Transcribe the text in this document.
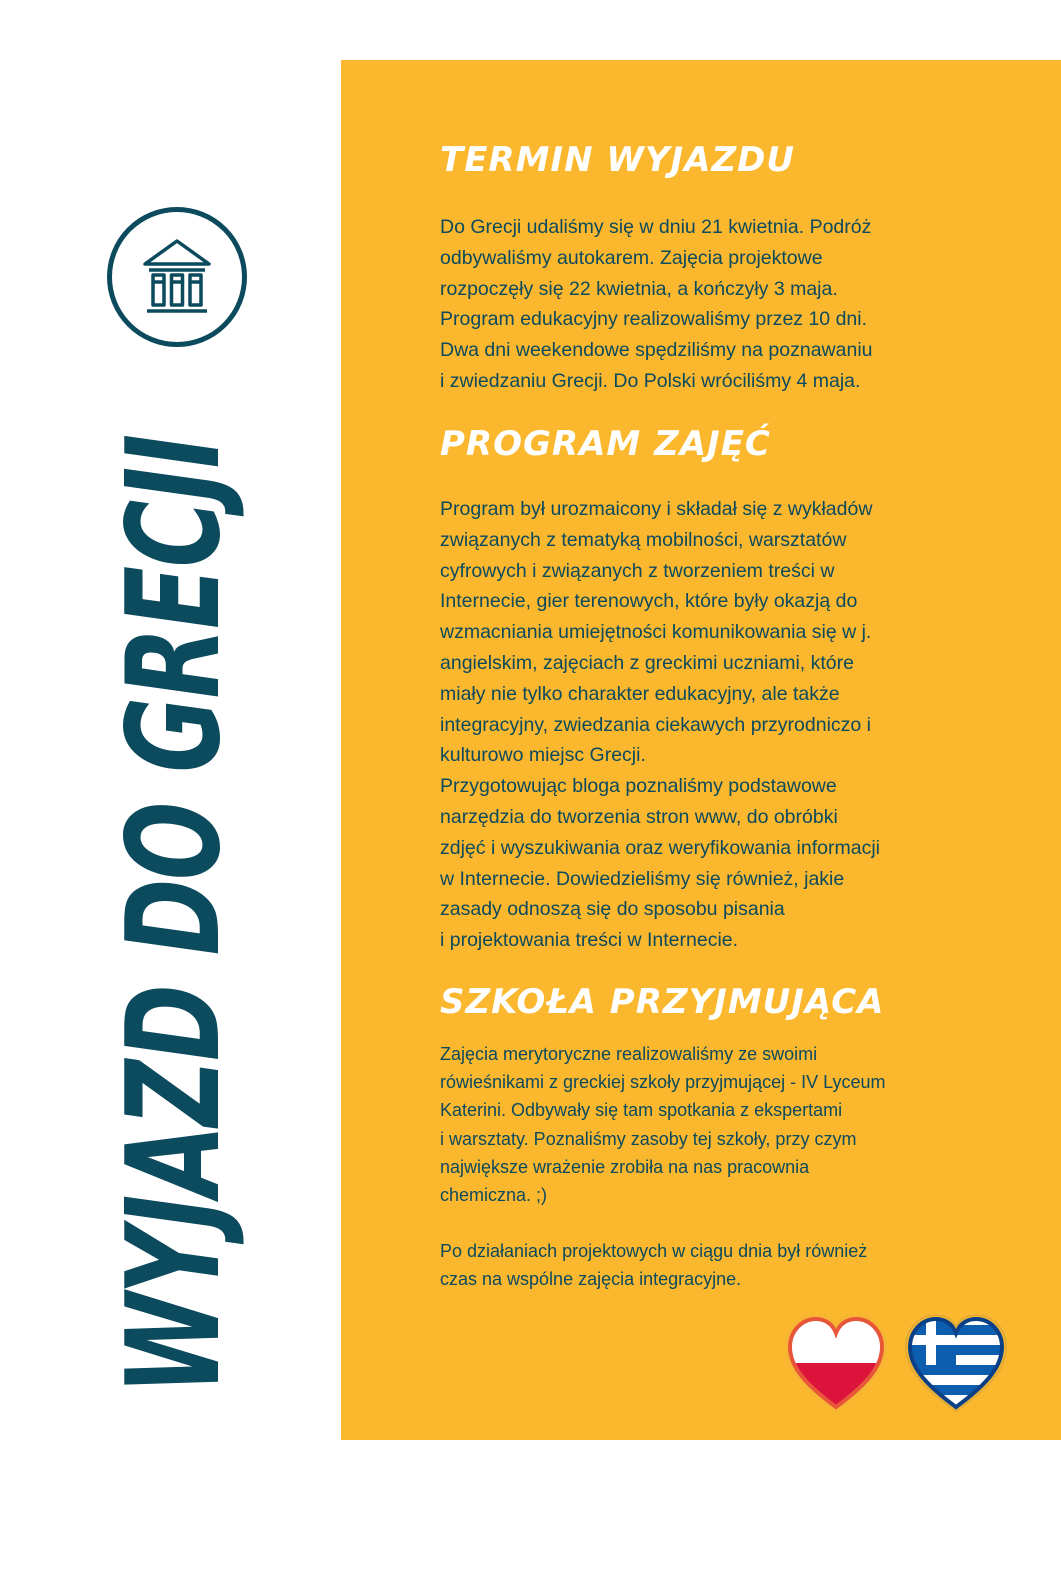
WYJAZD DO GRECJI
TERMIN WYJAZDU

Do Grecji udaliśmy się w dniu 21 kwietnia. Podróż
odbywaliśmy autokarem. Zajęcia projektowe
rozpoczęły się 22 kwietnia, a kończyły 3 maja.
Program edukacyjny realizowaliśmy przez 10 dni.
Dwa dni weekendowe spędziliśmy na poznawaniu
i zwiedzaniu Grecji. Do Polski wróciliśmy 4 maja.

PROGRAM ZAJĘĆ

Program był urozmaicony i składał się z wykładów
związanych z tematyką mobilności, warsztatów
cyfrowych i związanych z tworzeniem treści w
Internecie, gier terenowych, które były okazją do
wzmacniania umiejętności komunikowania się w j.
angielskim, zajęciach z greckimi uczniami, które
miały nie tylko charakter edukacyjny, ale także
integracyjny, zwiedzania ciekawych przyrodniczo i
kulturowo miejsc Grecji.
Przygotowując bloga poznaliśmy podstawowe
narzędzia do tworzenia stron www, do obróbki
zdjęć i wyszukiwania oraz weryfikowania informacji
w Internecie. Dowiedzieliśmy się również, jakie
zasady odnoszą się do sposobu pisania
i projektowania treści w Internecie.

SZKOŁA PRZYJMUJĄCA

Zajęcia merytoryczne realizowaliśmy ze swoimi
rówieśnikami z greckiej szkoły przyjmującej - IV Lyceum
Katerini. Odbywały się tam spotkania z ekspertami
i warsztaty. Poznaliśmy zasoby tej szkoły, przy czym
największe wrażenie zrobiła na nas pracownia
chemiczna. ;)

Po działaniach projektowych w ciągu dnia był również
czas na wspólne zajęcia integracyjne.
